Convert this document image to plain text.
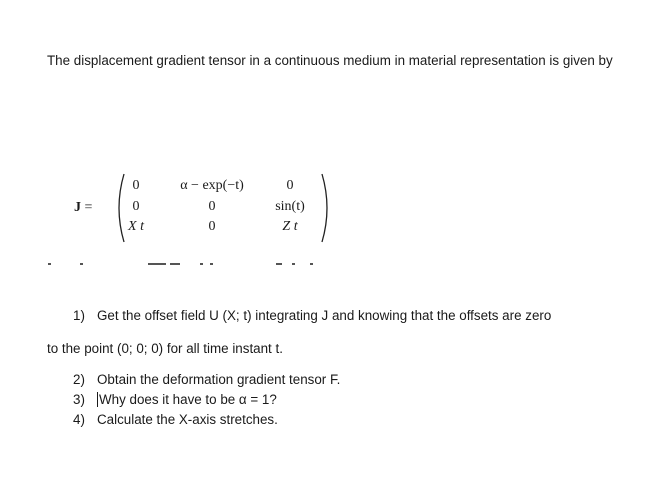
The displacement gradient tensor in a continuous medium in material representation is given by
J =
0	α − exp(−t)	0
0	0	sin(t)
X t	0	Z t
1) Get the offset field U (X; t) integrating J and knowing that the offsets are zero
to the point (0; 0; 0) for all time instant t.
2) Obtain the deformation gradient tensor F.
3) Why does it have to be α = 1?
4) Calculate the X-axis stretches.
